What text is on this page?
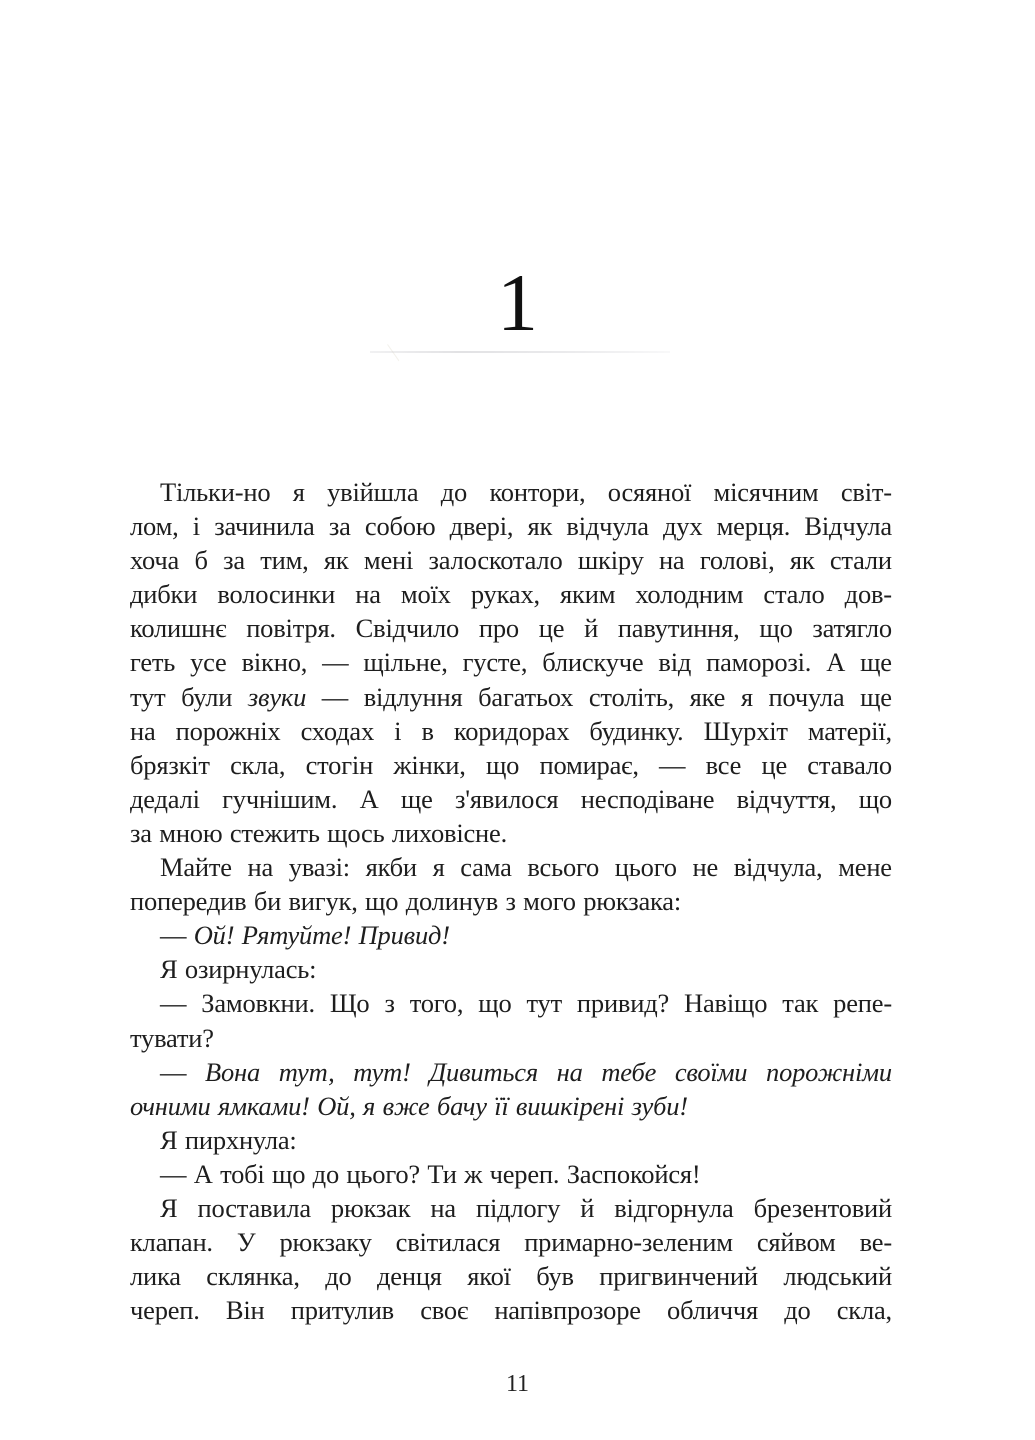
1
Тільки-но я увійшла до контори, осяяної місячним світ-
лом, і зачинила за собою двері, як відчула дух мерця. Відчула
хоча б за тим, як мені залоскотало шкіру на голові, як стали
дибки волосинки на моїх руках, яким холодним стало дов-
колишнє повітря. Свідчило про це й павутиння, що затягло
геть усе вікно, — щільне, густе, блискуче від паморозі. А ще
тут були звуки — відлуння багатьох століть, яке я почула ще
на порожніх сходах і в коридорах будинку. Шурхіт матерії,
брязкіт скла, стогін жінки, що помирає, — все це ставало
дедалі гучнішим. А ще з'явилося несподіване відчуття, що
за мною стежить щось лиховісне.
Майте на увазі: якби я сама всього цього не відчула, мене
попередив би вигук, що долинув з мого рюкзака:
— Ой! Рятуйте! Привид!
Я озирнулась:
— Замовкни. Що з того, що тут привид? Навіщо так репе-
тувати?
— Вона тут, тут! Дивиться на тебе своїми порожніми
очними ямками! Ой, я вже бачу її вишкірені зуби!
Я пирхнула:
— А тобі що до цього? Ти ж череп. Заспокойся!
Я поставила рюкзак на підлогу й відгорнула брезентовий
клапан. У рюкзаку світилася примарно-зеленим сяйвом ве-
лика склянка, до денця якої був пригвинчений людський
череп. Він притулив своє напівпрозоре обличчя до скла,
11
